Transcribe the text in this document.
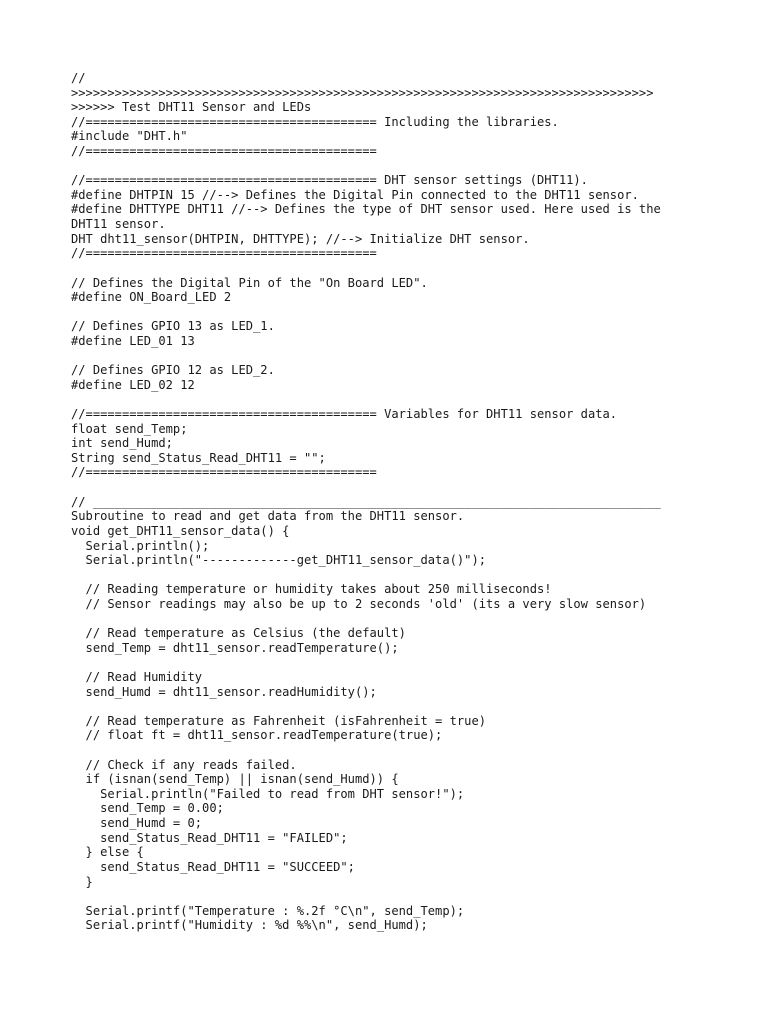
//
>>>>>>>>>>>>>>>>>>>>>>>>>>>>>>>>>>>>>>>>>>>>>>>>>>>>>>>>>>>>>>>>>>>>>>>>>>>>>>>>
>>>>>> Test DHT11 Sensor and LEDs
//======================================== Including the libraries.
#include "DHT.h"
//========================================
//======================================== DHT sensor settings (DHT11).
#define DHTPIN 15 //--> Defines the Digital Pin connected to the DHT11 sensor.
#define DHTTYPE DHT11 //--> Defines the type of DHT sensor used. Here used is the
DHT11 sensor.
DHT dht11_sensor(DHTPIN, DHTTYPE); //--> Initialize DHT sensor.
//========================================
// Defines the Digital Pin of the "On Board LED".
#define ON_Board_LED 2
// Defines GPIO 13 as LED_1.
#define LED_01 13
// Defines GPIO 12 as LED_2.
#define LED_02 12
//======================================== Variables for DHT11 sensor data.
float send_Temp;
int send_Humd;
String send_Status_Read_DHT11 = "";
//========================================
// ______________________________________________________________________________
Subroutine to read and get data from the DHT11 sensor.
void get_DHT11_sensor_data() {
Serial.println();
Serial.println("-------------get_DHT11_sensor_data()");
// Reading temperature or humidity takes about 250 milliseconds!
// Sensor readings may also be up to 2 seconds 'old' (its a very slow sensor)
// Read temperature as Celsius (the default)
send_Temp = dht11_sensor.readTemperature();
// Read Humidity
send_Humd = dht11_sensor.readHumidity();
// Read temperature as Fahrenheit (isFahrenheit = true)
// float ft = dht11_sensor.readTemperature(true);
// Check if any reads failed.
if (isnan(send_Temp) || isnan(send_Humd)) {
Serial.println("Failed to read from DHT sensor!");
send_Temp = 0.00;
send_Humd = 0;
send_Status_Read_DHT11 = "FAILED";
} else {
send_Status_Read_DHT11 = "SUCCEED";
}
Serial.printf("Temperature : %.2f °C\n", send_Temp);
Serial.printf("Humidity : %d %%\n", send_Humd);
